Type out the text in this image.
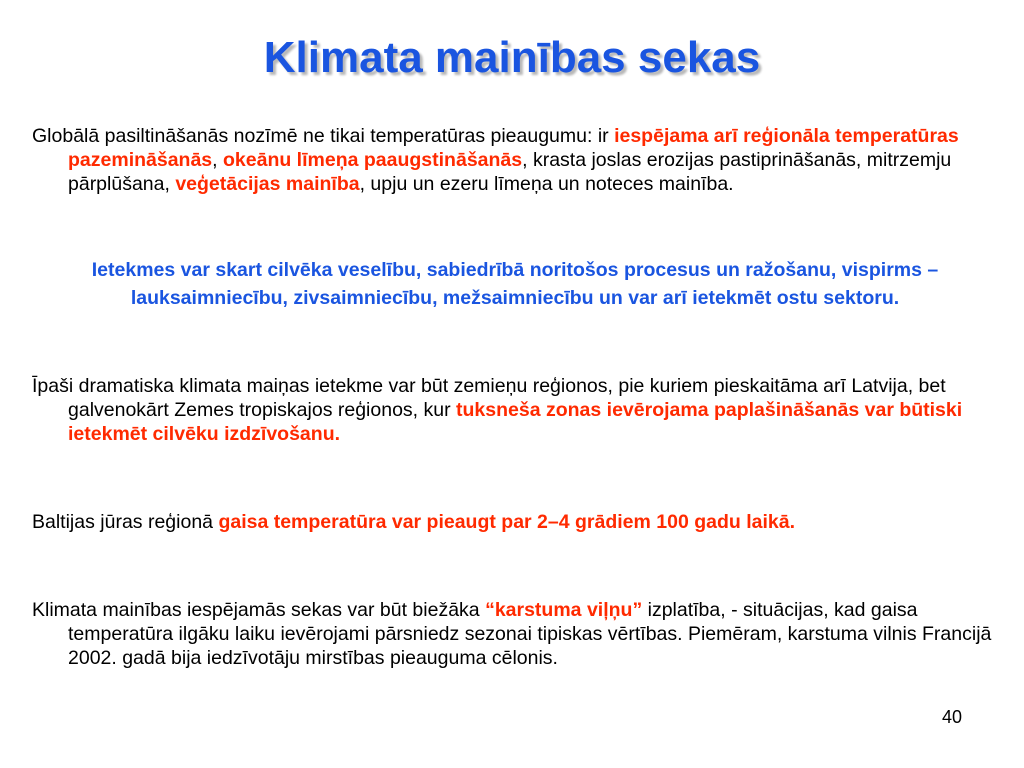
Klimata mainības sekas
Globālā pasiltināšanās nozīmē ne tikai temperatūras pieaugumu: ir iespējama arī reģionāla temperatūras pazemināšanās, okeānu līmeņa paaugstināšanās, krasta joslas erozijas pastiprināšanās, mitrzemju pārplūšana, veģetācijas mainība, upju un ezeru līmeņa un noteces mainība.
Ietekmes var skart cilvēka veselību, sabiedrībā noritošos procesus un ražošanu, vispirms – lauksaimniecību, zivsaimniecību, mežsaimniecību un var arī ietekmēt ostu sektoru.
Īpaši dramatiska klimata maiņas ietekme var būt zemieņu reģionos, pie kuriem pieskaitāma arī Latvija, bet galvenokārt Zemes tropiskajos reģionos, kur tuksneša zonas ievērojama paplašināšanās var būtiski ietekmēt cilvēku izdzīvošanu.
Baltijas jūras reģionā gaisa temperatūra var pieaugt par 2–4 grādiem 100 gadu laikā.
Klimata mainības iespējamās sekas var būt biežāka “karstuma viļņu” izplatība, - situācijas, kad gaisa temperatūra ilgāku laiku ievērojami pārsniedz sezonai tipiskas vērtības. Piemēram, karstuma vilnis Francijā 2002. gadā bija iedzīvotāju mirstības pieauguma cēlonis.
40
